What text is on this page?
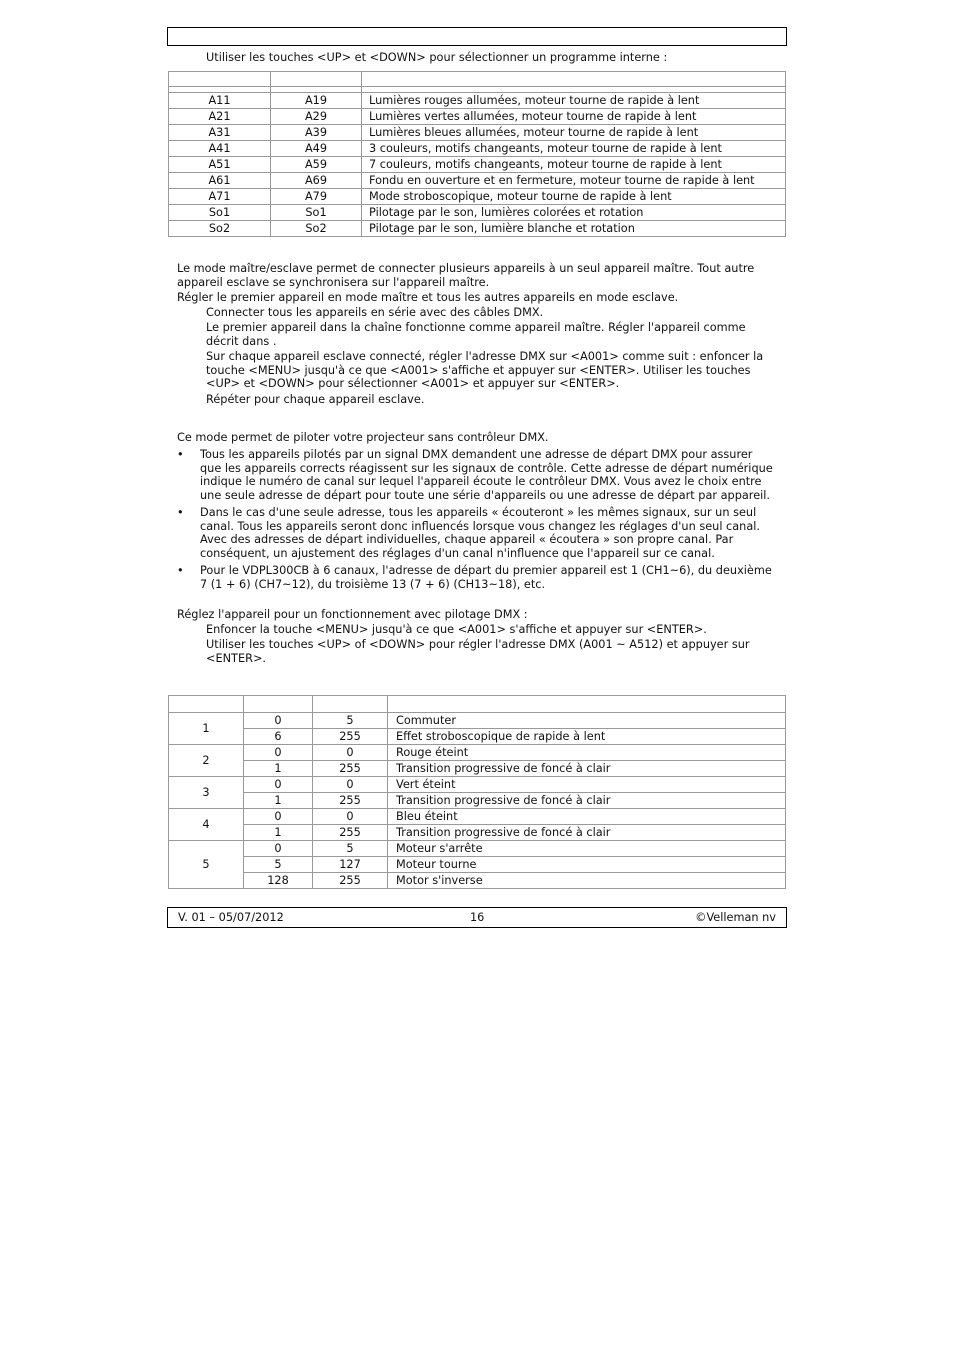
Utiliser les touches <UP> et <DOWN> pour sélectionner un programme interne :

A11	A19	Lumières rouges allumées, moteur tourne de rapide à lent
A21	A29	Lumières vertes allumées, moteur tourne de rapide à lent
A31	A39	Lumières bleues allumées, moteur tourne de rapide à lent
A41	A49	3 couleurs, motifs changeants, moteur tourne de rapide à lent
A51	A59	7 couleurs, motifs changeants, moteur tourne de rapide à lent
A61	A69	Fondu en ouverture et en fermeture, moteur tourne de rapide à lent
A71	A79	Mode stroboscopique, moteur tourne de rapide à lent
So1	So1	Pilotage par le son, lumières colorées et rotation
So2	So2	Pilotage par le son, lumière blanche et rotation

Le mode maître/esclave permet de connecter plusieurs appareils à un seul appareil maître. Tout autre appareil esclave se synchronisera sur l'appareil maître.

Régler le premier appareil en mode maître et tous les autres appareils en mode esclave.

Connecter tous les appareils en série avec des câbles DMX.

Le premier appareil dans la chaîne fonctionne comme appareil maître. Régler l'appareil comme décrit dans .

Sur chaque appareil esclave connecté, régler l'adresse DMX sur <A001> comme suit : enfoncer la touche <MENU> jusqu'à ce que <A001> s'affiche et appuyer sur <ENTER>. Utiliser les touches <UP> et <DOWN> pour sélectionner <A001> et appuyer sur <ENTER>.

Répéter pour chaque appareil esclave.

Ce mode permet de piloter votre projecteur sans contrôleur DMX.

• Tous les appareils pilotés par un signal DMX demandent une adresse de départ DMX pour assurer que les appareils corrects réagissent sur les signaux de contrôle. Cette adresse de départ numérique indique le numéro de canal sur lequel l'appareil écoute le contrôleur DMX. Vous avez le choix entre une seule adresse de départ pour toute une série d'appareils ou une adresse de départ par appareil.
• Dans le cas d'une seule adresse, tous les appareils « écouteront » les mêmes signaux, sur un seul canal. Tous les appareils seront donc influencés lorsque vous changez les réglages d'un seul canal. Avec des adresses de départ individuelles, chaque appareil « écoutera » son propre canal. Par conséquent, un ajustement des réglages d'un canal n'influence que l'appareil sur ce canal.
• Pour le VDPL300CB à 6 canaux, l'adresse de départ du premier appareil est 1 (CH1~6), du deuxième 7 (1 + 6) (CH7~12), du troisième 13 (7 + 6) (CH13~18), etc.

Réglez l'appareil pour un fonctionnement avec pilotage DMX :

Enfoncer la touche <MENU> jusqu'à ce que <A001> s'affiche et appuyer sur <ENTER>.

Utiliser les touches <UP> of <DOWN> pour régler l'adresse DMX (A001 ~ A512) et appuyer sur <ENTER>.

1	0	5	Commuter
	6	255	Effet stroboscopique de rapide à lent
2	0	0	Rouge éteint
	1	255	Transition progressive de foncé à clair
3	0	0	Vert éteint
	1	255	Transition progressive de foncé à clair
4	0	0	Bleu éteint
	1	255	Transition progressive de foncé à clair
5	0	5	Moteur s'arrête
	5	127	Moteur tourne
	128	255	Motor s'inverse
V. 01 – 05/07/2012	16	©Velleman nv
